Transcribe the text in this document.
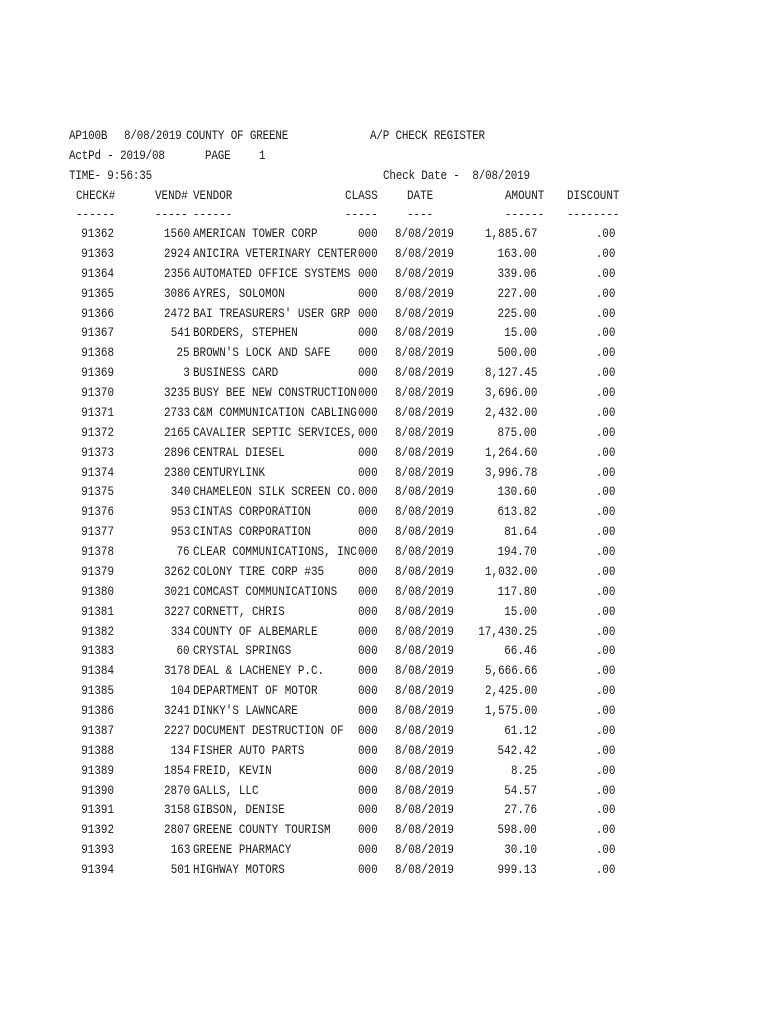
AP100B 8/08/2019 COUNTY OF GREENE	A/P CHECK REGISTER
ActPd - 2019/08	PAGE 1
TIME- 9:56:35	Check Date -  8/08/2019
CHECK#	VEND# VENDOR	CLASS DATE	AMOUNT DISCOUNT
------	----- ------	----- ----	------ --------
91362	1560 AMERICAN TOWER CORP	000 8/08/2019 1,885.67	.00
91363	2924 ANICIRA VETERINARY CENTER 000 8/08/2019	163.00	.00
91364	2356 AUTOMATED OFFICE SYSTEMS 000 8/08/2019	339.06	.00
91365	3086 AYRES, SOLOMON	000 8/08/2019	227.00	.00
91366	2472 BAI TREASURERS' USER GRP 000 8/08/2019	225.00	.00
91367	541 BORDERS, STEPHEN	000 8/08/2019	15.00	.00
91368	25 BROWN'S LOCK AND SAFE 000 8/08/2019	500.00	.00
91369	3 BUSINESS CARD	000 8/08/2019 8,127.45	.00
91370	3235 BUSY BEE NEW CONSTRUCTION 000 8/08/2019 3,696.00	.00
91371	2733 C&M COMMUNICATION CABLING 000 8/08/2019 2,432.00	.00
91372	2165 CAVALIER SEPTIC SERVICES, 000 8/08/2019	875.00	.00
91373	2896 CENTRAL DIESEL	000 8/08/2019 1,264.60	.00
91374	2380 CENTURYLINK	000 8/08/2019 3,996.78	.00
91375	340 CHAMELEON SILK SCREEN CO. 000 8/08/2019	130.60	.00
91376	953 CINTAS CORPORATION	000 8/08/2019	613.82	.00
91377	953 CINTAS CORPORATION	000 8/08/2019	81.64	.00
91378	76 CLEAR COMMUNICATIONS, INC 000 8/08/2019	194.70	.00
91379	3262 COLONY TIRE CORP #35	000 8/08/2019 1,032.00	.00
91380	3021 COMCAST COMMUNICATIONS 000 8/08/2019	117.80	.00
91381	3227 CORNETT, CHRIS	000 8/08/2019	15.00	.00
91382	334 COUNTY OF ALBEMARLE	000 8/08/2019 17,430.25	.00
91383	60 CRYSTAL SPRINGS	000 8/08/2019	66.46	.00
91384	3178 DEAL & LACHENEY P.C.	000 8/08/2019 5,666.66	.00
91385	104 DEPARTMENT OF MOTOR	000 8/08/2019 2,425.00	.00
91386	3241 DINKY'S LAWNCARE	000 8/08/2019 1,575.00	.00
91387	2227 DOCUMENT DESTRUCTION OF 000 8/08/2019	61.12	.00
91388	134 FISHER AUTO PARTS	000 8/08/2019	542.42	.00
91389	1854 FREID, KEVIN	000 8/08/2019	8.25	.00
91390	2870 GALLS, LLC	000 8/08/2019	54.57	.00
91391	3158 GIBSON, DENISE	000 8/08/2019	27.76	.00
91392	2807 GREENE COUNTY TOURISM 000 8/08/2019	598.00	.00
91393	163 GREENE PHARMACY	000 8/08/2019	30.10	.00
91394	501 HIGHWAY MOTORS	000 8/08/2019	999.13	.00
